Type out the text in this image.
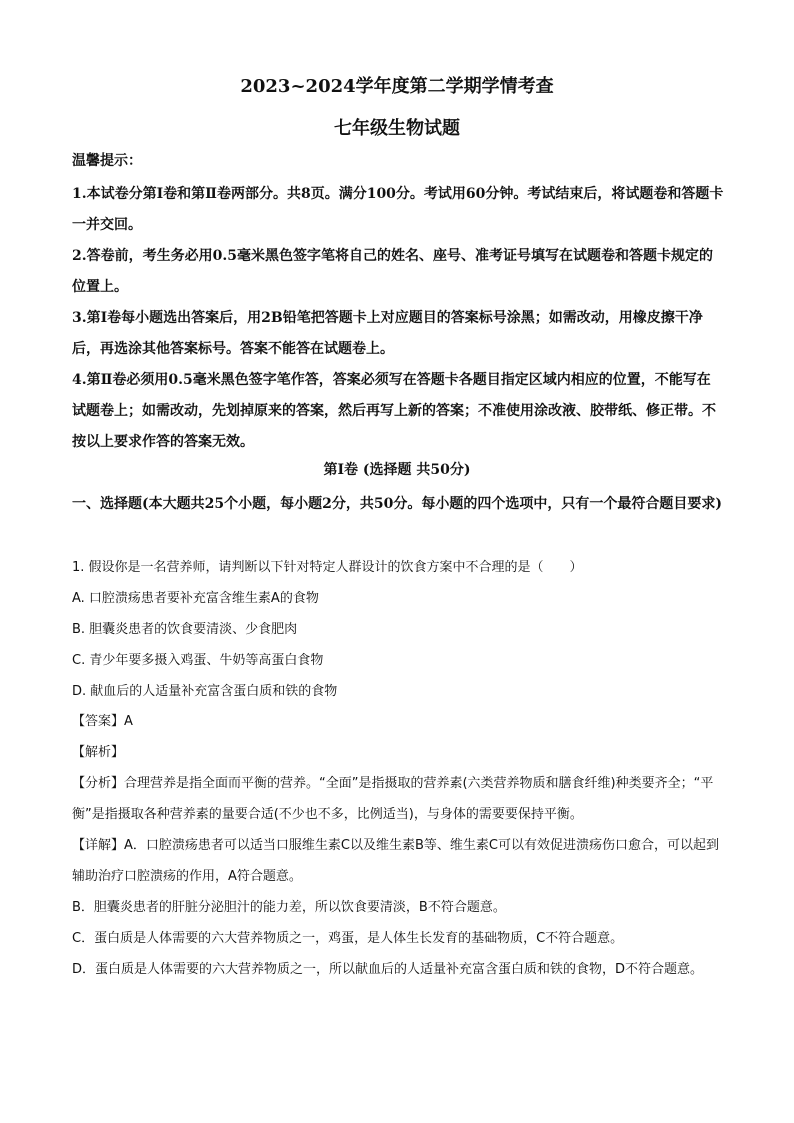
2023~2024学年度第二学期学情考查
七年级生物试题
温馨提示：

1.本试卷分第Ⅰ卷和第Ⅱ卷两部分。共8页。满分100分。考试用60分钟。考试结束后，将试题卷和答题卡一并交回。

2.答卷前，考生务必用0.5毫米黑色签字笔将自己的姓名、座号、准考证号填写在试题卷和答题卡规定的位置上。

3.第Ⅰ卷每小题选出答案后，用2B铅笔把答题卡上对应题目的答案标号涂黑；如需改动，用橡皮擦干净后，再选涂其他答案标号。答案不能答在试题卷上。

4.第Ⅱ卷必须用0.5毫米黑色签字笔作答，答案必须写在答题卡各题目指定区域内相应的位置，不能写在试题卷上；如需改动，先划掉原来的答案，然后再写上新的答案；不准使用涂改液、胶带纸、修正带。不按以上要求作答的答案无效。

第Ⅰ卷 (选择题 共50分)
一、选择题(本大题共25个小题，每小题2分，共50分。每小题的四个选项中，只有一个最符合题目要求)
1. 假设你是一名营养师，请判断以下针对特定人群设计的饮食方案中不合理的是（　　）
A. 口腔溃疡患者要补充富含维生素A的食物
B. 胆囊炎患者的饮食要清淡、少食肥肉
C. 青少年要多摄入鸡蛋、牛奶等高蛋白食物
D. 献血后的人适量补充富含蛋白质和铁的食物
【答案】A
【解析】

【分析】合理营养是指全面而平衡的营养。“全面”是指摄取的营养素(六类营养物质和膳食纤维)种类要齐全；“平衡”是指摄取各种营养素的量要合适(不少也不多，比例适当)，与身体的需要要保持平衡。

【详解】A．口腔溃疡患者可以适当口服维生素C以及维生素B等、维生素C可以有效促进溃疡伤口愈合，可以起到辅助治疗口腔溃疡的作用，A符合题意。

B．胆囊炎患者的肝脏分泌胆汁的能力差，所以饮食要清淡，B不符合题意。

C．蛋白质是人体需要的六大营养物质之一，鸡蛋，是人体生长发育的基础物质，C不符合题意。

D．蛋白质是人体需要的六大营养物质之一，所以献血后的人适量补充富含蛋白质和铁的食物，D不符合题意。
